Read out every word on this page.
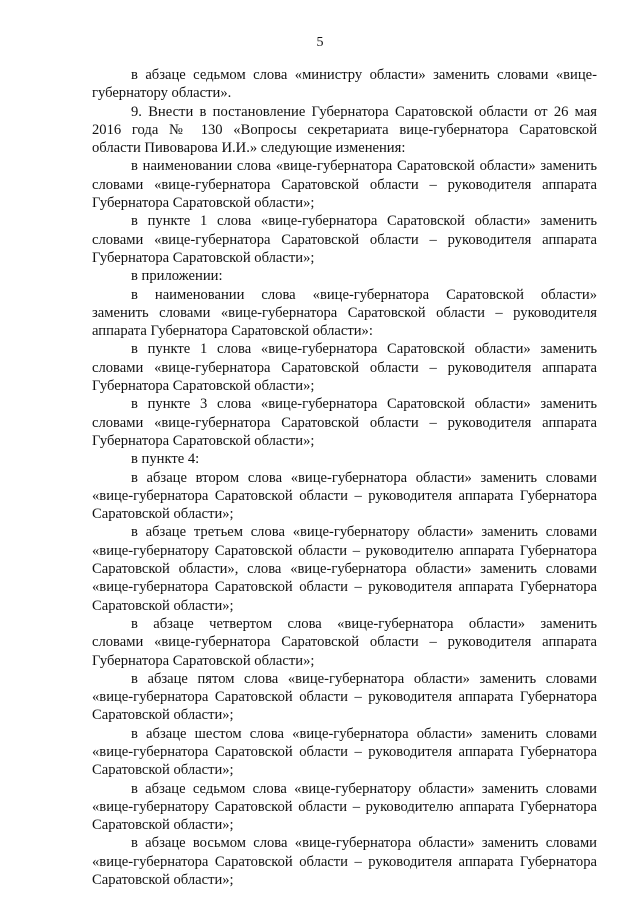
5
в абзаце седьмом слова «министру области» заменить словами «вице-
губернатору области».
9. Внести в постановление Губернатора Саратовской области от 26 мая
2016 года № 130 «Вопросы секретариата вице-губернатора Саратовской
области Пивоварова И.И.» следующие изменения:
в наименовании слова «вице-губернатора Саратовской области» заменить
словами «вице-губернатора Саратовской области – руководителя аппарата
Губернатора Саратовской области»;
в пункте 1 слова «вице-губернатора Саратовской области» заменить
словами «вице-губернатора Саратовской области – руководителя аппарата
Губернатора Саратовской области»;
в приложении:
в наименовании слова «вице-губернатора Саратовской области»
заменить словами «вице-губернатора Саратовской области – руководителя
аппарата Губернатора Саратовской области»:
в пункте 1 слова «вице-губернатора Саратовской области» заменить
словами «вице-губернатора Саратовской области – руководителя аппарата
Губернатора Саратовской области»;
в пункте 3 слова «вице-губернатора Саратовской области» заменить
словами «вице-губернатора Саратовской области – руководителя аппарата
Губернатора Саратовской области»;
в пункте 4:
в абзаце втором слова «вице-губернатора области» заменить словами
«вице-губернатора Саратовской области – руководителя аппарата Губернатора
Саратовской области»;
в абзаце третьем слова «вице-губернатору области» заменить словами
«вице-губернатору Саратовской области – руководителю аппарата Губернатора
Саратовской области», слова «вице-губернатора области» заменить словами
«вице-губернатора Саратовской области – руководителя аппарата Губернатора
Саратовской области»;
в абзаце четвертом слова «вице-губернатора области» заменить
словами «вице-губернатора Саратовской области – руководителя аппарата
Губернатора Саратовской области»;
в абзаце пятом слова «вице-губернатора области» заменить словами
«вице-губернатора Саратовской области – руководителя аппарата Губернатора
Саратовской области»;
в абзаце шестом слова «вице-губернатора области» заменить словами
«вице-губернатора Саратовской области – руководителя аппарата Губернатора
Саратовской области»;
в абзаце седьмом слова «вице-губернатору области» заменить словами
«вице-губернатору Саратовской области – руководителю аппарата Губернатора
Саратовской области»;
в абзаце восьмом слова «вице-губернатора области» заменить словами
«вице-губернатора Саратовской области – руководителя аппарата Губернатора
Саратовской области»;
